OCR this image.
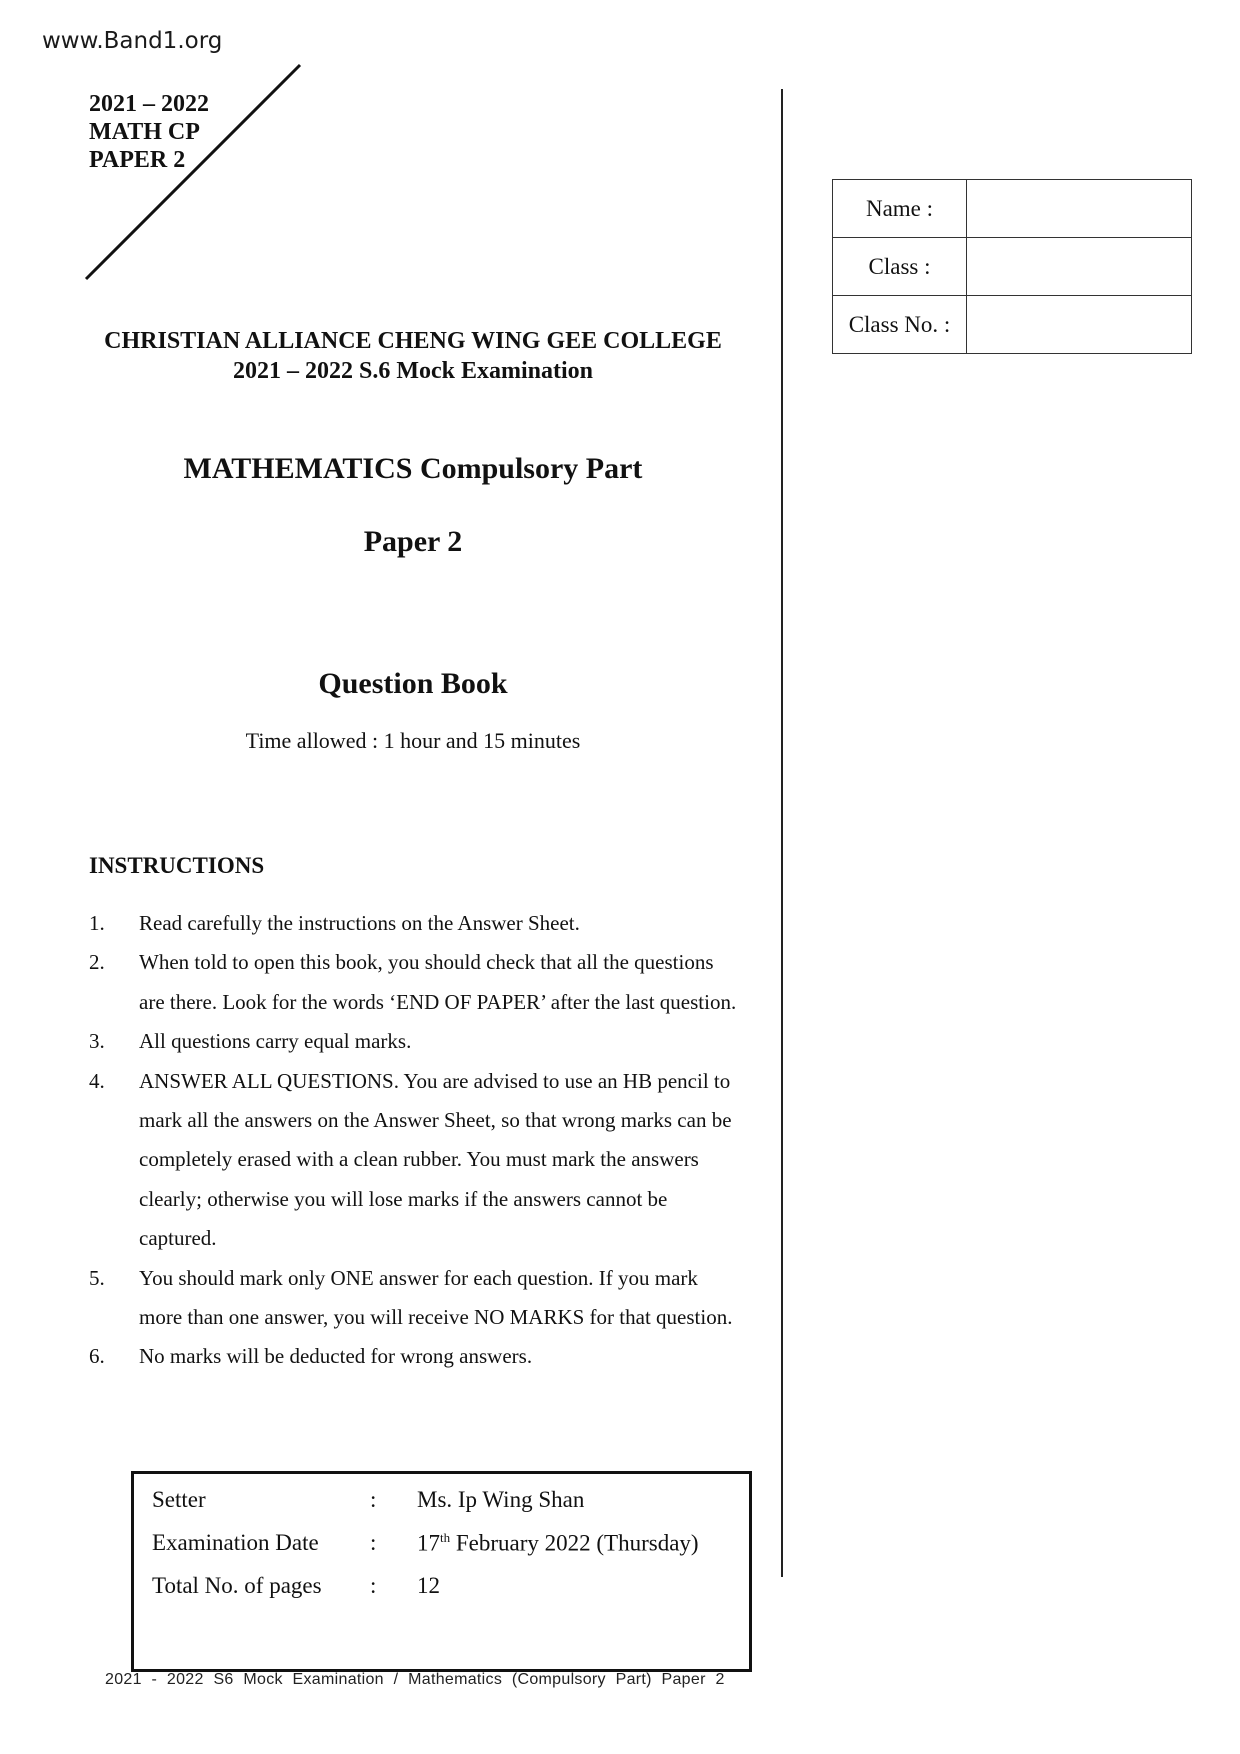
www.Band1.org
2021 – 2022
MATH CP
PAPER 2
Name :	
Class :	
Class No. :	
CHRISTIAN ALLIANCE CHENG WING GEE COLLEGE
2021 – 2022 S.6 Mock Examination
MATHEMATICS Compulsory Part
Paper 2
Question Book
Time allowed : 1 hour and 15 minutes
INSTRUCTIONS
1. Read carefully the instructions on the Answer Sheet.
2. When told to open this book, you should check that all the questions are there. Look for the words ‘END OF PAPER’ after the last question.
3. All questions carry equal marks.
4. ANSWER ALL QUESTIONS. You are advised to use an HB pencil to mark all the answers on the Answer Sheet, so that wrong marks can be completely erased with a clean rubber. You must mark the answers clearly; otherwise you will lose marks if the answers cannot be captured.
5. You should mark only ONE answer for each question. If you mark more than one answer, you will receive NO MARKS for that question.
6. No marks will be deducted for wrong answers.
Setter	: Ms. Ip Wing Shan
Examination Date : 17th February 2022 (Thursday)
Total No. of pages : 12
2021 - 2022 S6 Mock Examination / Mathematics (Compulsory Part) Paper 2
